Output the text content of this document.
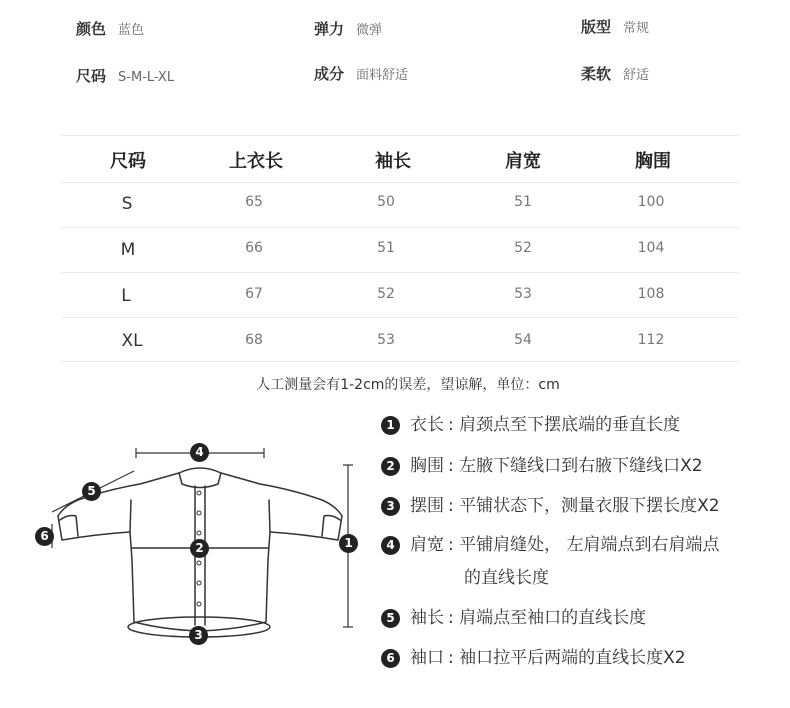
颜色 蓝色	弹力 微弹	版型 常规
尺码 S-M-L-XL	成分 面料舒适	柔软 舒适
尺码	上衣长	袖长	肩宽	胸围
S	65	50	51	100
M	66	51	52	104
L	67	52	53	108
XL	68	53	54	112
人工测量会有1-2cm的误差，望谅解，单位：cm
4
5
6
2	1
3
1 衣长 : 肩颈点至下摆底端的垂直长度
2 胸围 : 左腋下缝线口到右腋下缝线口X2
3 摆围 : 平铺状态下，测量衣服下摆长度X2
4 肩宽 : 平铺肩缝处， 左肩端点到右肩端点
的直线长度
5 袖长 : 肩端点至袖口的直线长度
6 袖口 : 袖口拉平后两端的直线长度X2
